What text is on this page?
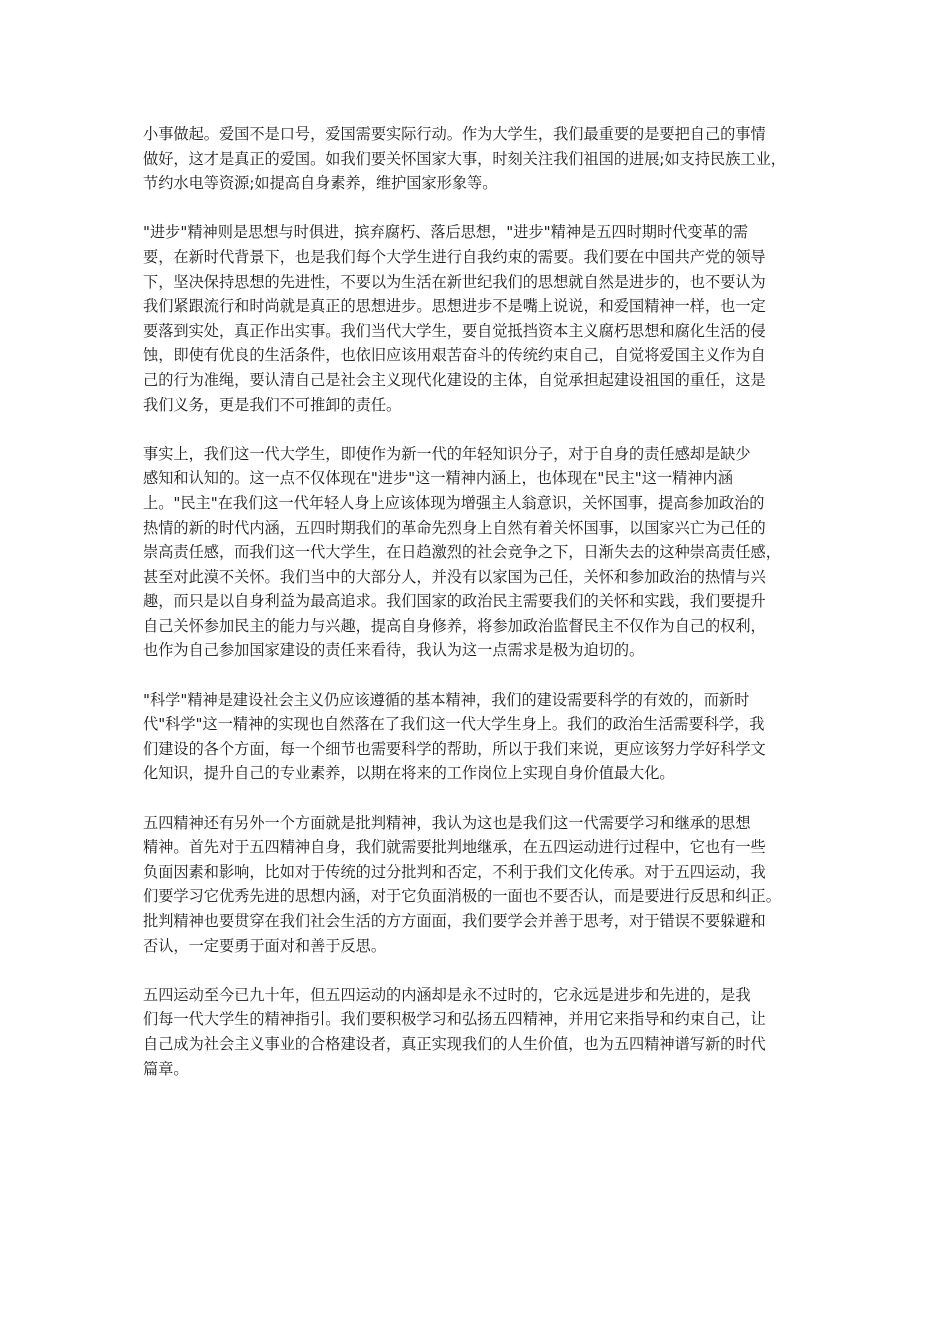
小事做起。爱国不是口号，爱国需要实际行动。作为大学生，我们最重要的是要把自己的事情
做好，这才是真正的爱国。如我们要关怀国家大事，时刻关注我们祖国的进展;如支持民族工业，
节约水电等资源;如提高自身素养，维护国家形象等。
"进步"精神则是思想与时俱进，摈弃腐朽、落后思想，"进步"精神是五四时期时代变革的需
要，在新时代背景下，也是我们每个大学生进行自我约束的需要。我们要在中国共产党的领导
下，坚决保持思想的先进性，不要以为生活在新世纪我们的思想就自然是进步的，也不要认为
我们紧跟流行和时尚就是真正的思想进步。思想进步不是嘴上说说，和爱国精神一样，也一定
要落到实处，真正作出实事。我们当代大学生，要自觉抵挡资本主义腐朽思想和腐化生活的侵
蚀，即使有优良的生活条件，也依旧应该用艰苦奋斗的传统约束自己，自觉将爱国主义作为自
己的行为准绳，要认清自己是社会主义现代化建设的主体，自觉承担起建设祖国的重任，这是
我们义务，更是我们不可推卸的责任。
事实上，我们这一代大学生，即使作为新一代的年轻知识分子，对于自身的责任感却是缺少
感知和认知的。这一点不仅体现在"进步"这一精神内涵上，也体现在"民主"这一精神内涵
上。"民主"在我们这一代年轻人身上应该体现为增强主人翁意识，关怀国事，提高参加政治的
热情的新的时代内涵，五四时期我们的革命先烈身上自然有着关怀国事，以国家兴亡为己任的
崇高责任感，而我们这一代大学生，在日趋激烈的社会竞争之下，日渐失去的这种崇高责任感，
甚至对此漠不关怀。我们当中的大部分人，并没有以家国为己任，关怀和参加政治的热情与兴
趣，而只是以自身利益为最高追求。我们国家的政治民主需要我们的关怀和实践，我们要提升
自己关怀参加民主的能力与兴趣，提高自身修养，将参加政治监督民主不仅作为自己的权利，
也作为自己参加国家建设的责任来看待，我认为这一点需求是极为迫切的。
"科学"精神是建设社会主义仍应该遵循的基本精神，我们的建设需要科学的有效的，而新时
代"科学"这一精神的实现也自然落在了我们这一代大学生身上。我们的政治生活需要科学，我
们建设的各个方面，每一个细节也需要科学的帮助，所以于我们来说，更应该努力学好科学文
化知识，提升自己的专业素养，以期在将来的工作岗位上实现自身价值最大化。
五四精神还有另外一个方面就是批判精神，我认为这也是我们这一代需要学习和继承的思想
精神。首先对于五四精神自身，我们就需要批判地继承，在五四运动进行过程中，它也有一些
负面因素和影响，比如对于传统的过分批判和否定，不利于我们文化传承。对于五四运动，我
们要学习它优秀先进的思想内涵，对于它负面消极的一面也不要否认，而是要进行反思和纠正。
批判精神也要贯穿在我们社会生活的方方面面，我们要学会并善于思考，对于错误不要躲避和
否认，一定要勇于面对和善于反思。
五四运动至今已九十年，但五四运动的内涵却是永不过时的，它永远是进步和先进的，是我
们每一代大学生的精神指引。我们要积极学习和弘扬五四精神，并用它来指导和约束自己，让
自己成为社会主义事业的合格建设者，真正实现我们的人生价值，也为五四精神谱写新的时代
篇章。
